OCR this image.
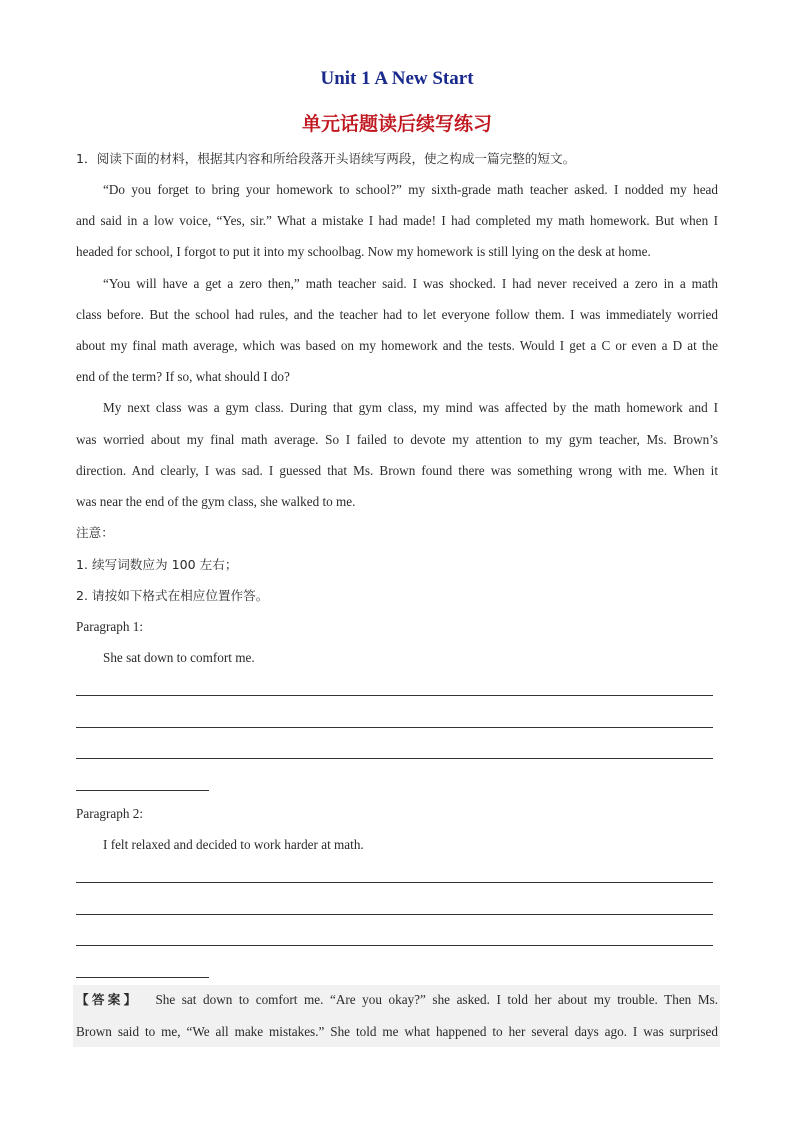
Unit 1 A New Start
单元话题读后续写练习
1．阅读下面的材料，根据其内容和所给段落开头语续写两段，使之构成一篇完整的短文。
“Do you forget to bring your homework to school?” my sixth-grade math teacher asked. I nodded my head
and said in a low voice, “Yes, sir.” What a mistake I had made! I had completed my math homework. But when I
headed for school, I forgot to put it into my schoolbag. Now my homework is still lying on the desk at home.
“You will have a get a zero then,” math teacher said. I was shocked. I had never received a zero in a math
class before. But the school had rules, and the teacher had to let everyone follow them. I was immediately worried
about my final math average, which was based on my homework and the tests. Would I get a C or even a D at the
end of the term? If so, what should I do?
My next class was a gym class. During that gym class, my mind was affected by the math homework and I
was worried about my final math average. So I failed to devote my attention to my gym teacher, Ms. Brown’s
direction. And clearly, I was sad. I guessed that Ms. Brown found there was something wrong with me. When it
was near the end of the gym class, she walked to me.
注意：
1. 续写词数应为 100 左右；
2. 请按如下格式在相应位置作答。
Paragraph 1:
She sat down to comfort me.
Paragraph 2:
I felt relaxed and decided to work harder at math.
【答案】 She sat down to comfort me. “Are you okay?” she asked. I told her about my trouble. Then Ms.
Brown said to me, “We all make mistakes.” She told me what happened to her several days ago. I was surprised
